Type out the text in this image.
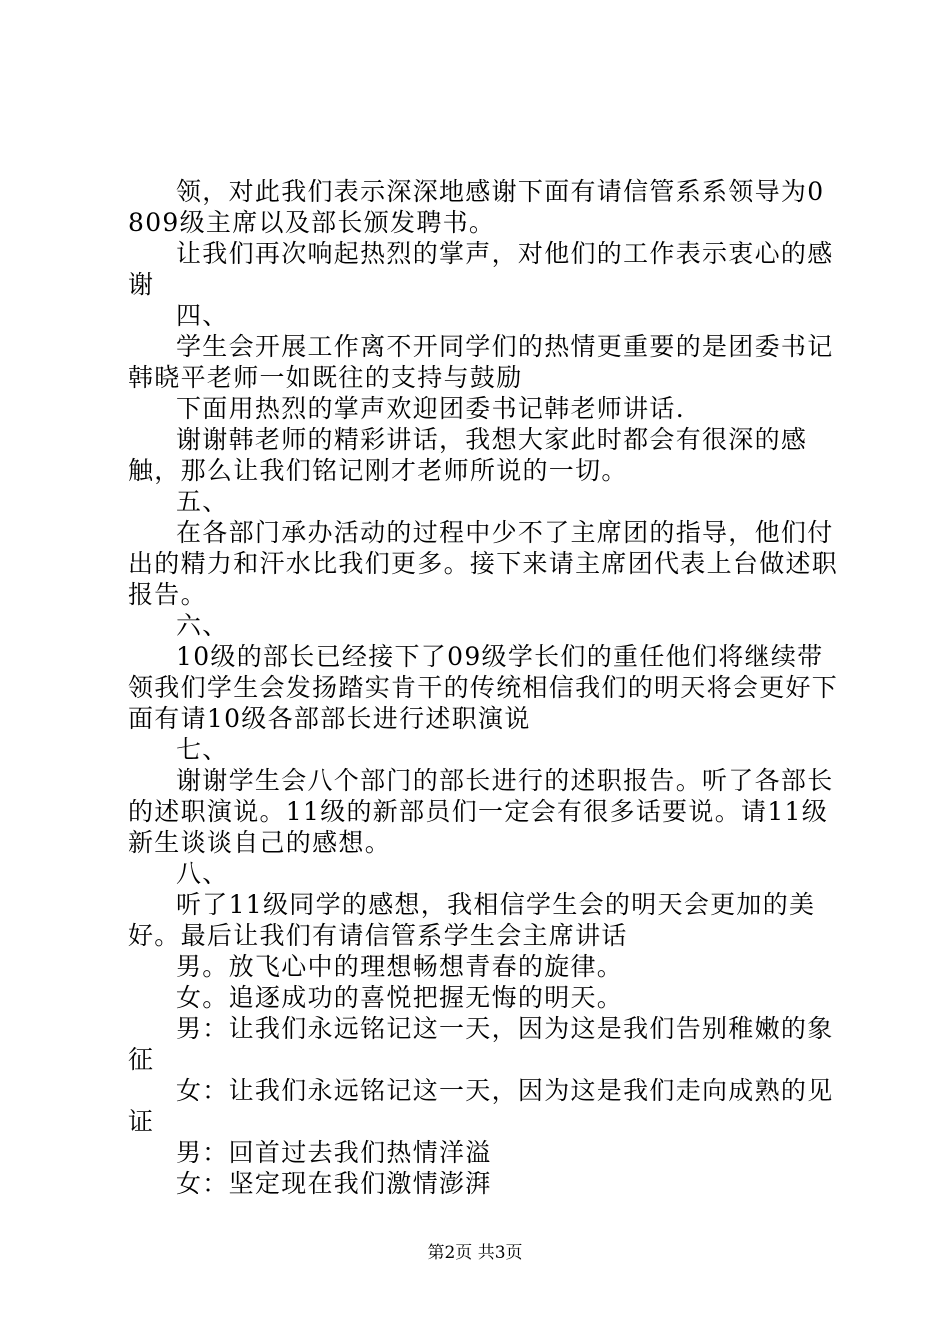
领，对此我们表示深深地感谢下面有请信管系系领导为0809级主席以及部长颁发聘书。

让我们再次响起热烈的掌声，对他们的工作表示衷心的感谢

四、

学生会开展工作离不开同学们的热情更重要的是团委书记韩晓平老师一如既往的支持与鼓励

下面用热烈的掌声欢迎团委书记韩老师讲话.

谢谢韩老师的精彩讲话，我想大家此时都会有很深的感触，那么让我们铭记刚才老师所说的一切。

五、

在各部门承办活动的过程中少不了主席团的指导，他们付出的精力和汗水比我们更多。接下来请主席团代表上台做述职报告。

六、

10级的部长已经接下了09级学长们的重任他们将继续带领我们学生会发扬踏实肯干的传统相信我们的明天将会更好下面有请10级各部部长进行述职演说

七、

谢谢学生会八个部门的部长进行的述职报告。听了各部长的述职演说。11级的新部员们一定会有很多话要说。请11级新生谈谈自己的感想。

八、

听了11级同学的感想，我相信学生会的明天会更加的美好。最后让我们有请信管系学生会主席讲话

男。放飞心中的理想畅想青春的旋律。

女。追逐成功的喜悦把握无悔的明天。

男：让我们永远铭记这一天，因为这是我们告别稚嫩的象征

女：让我们永远铭记这一天，因为这是我们走向成熟的见证

男：回首过去我们热情洋溢

女：坚定现在我们激情澎湃

第2页 共3页
